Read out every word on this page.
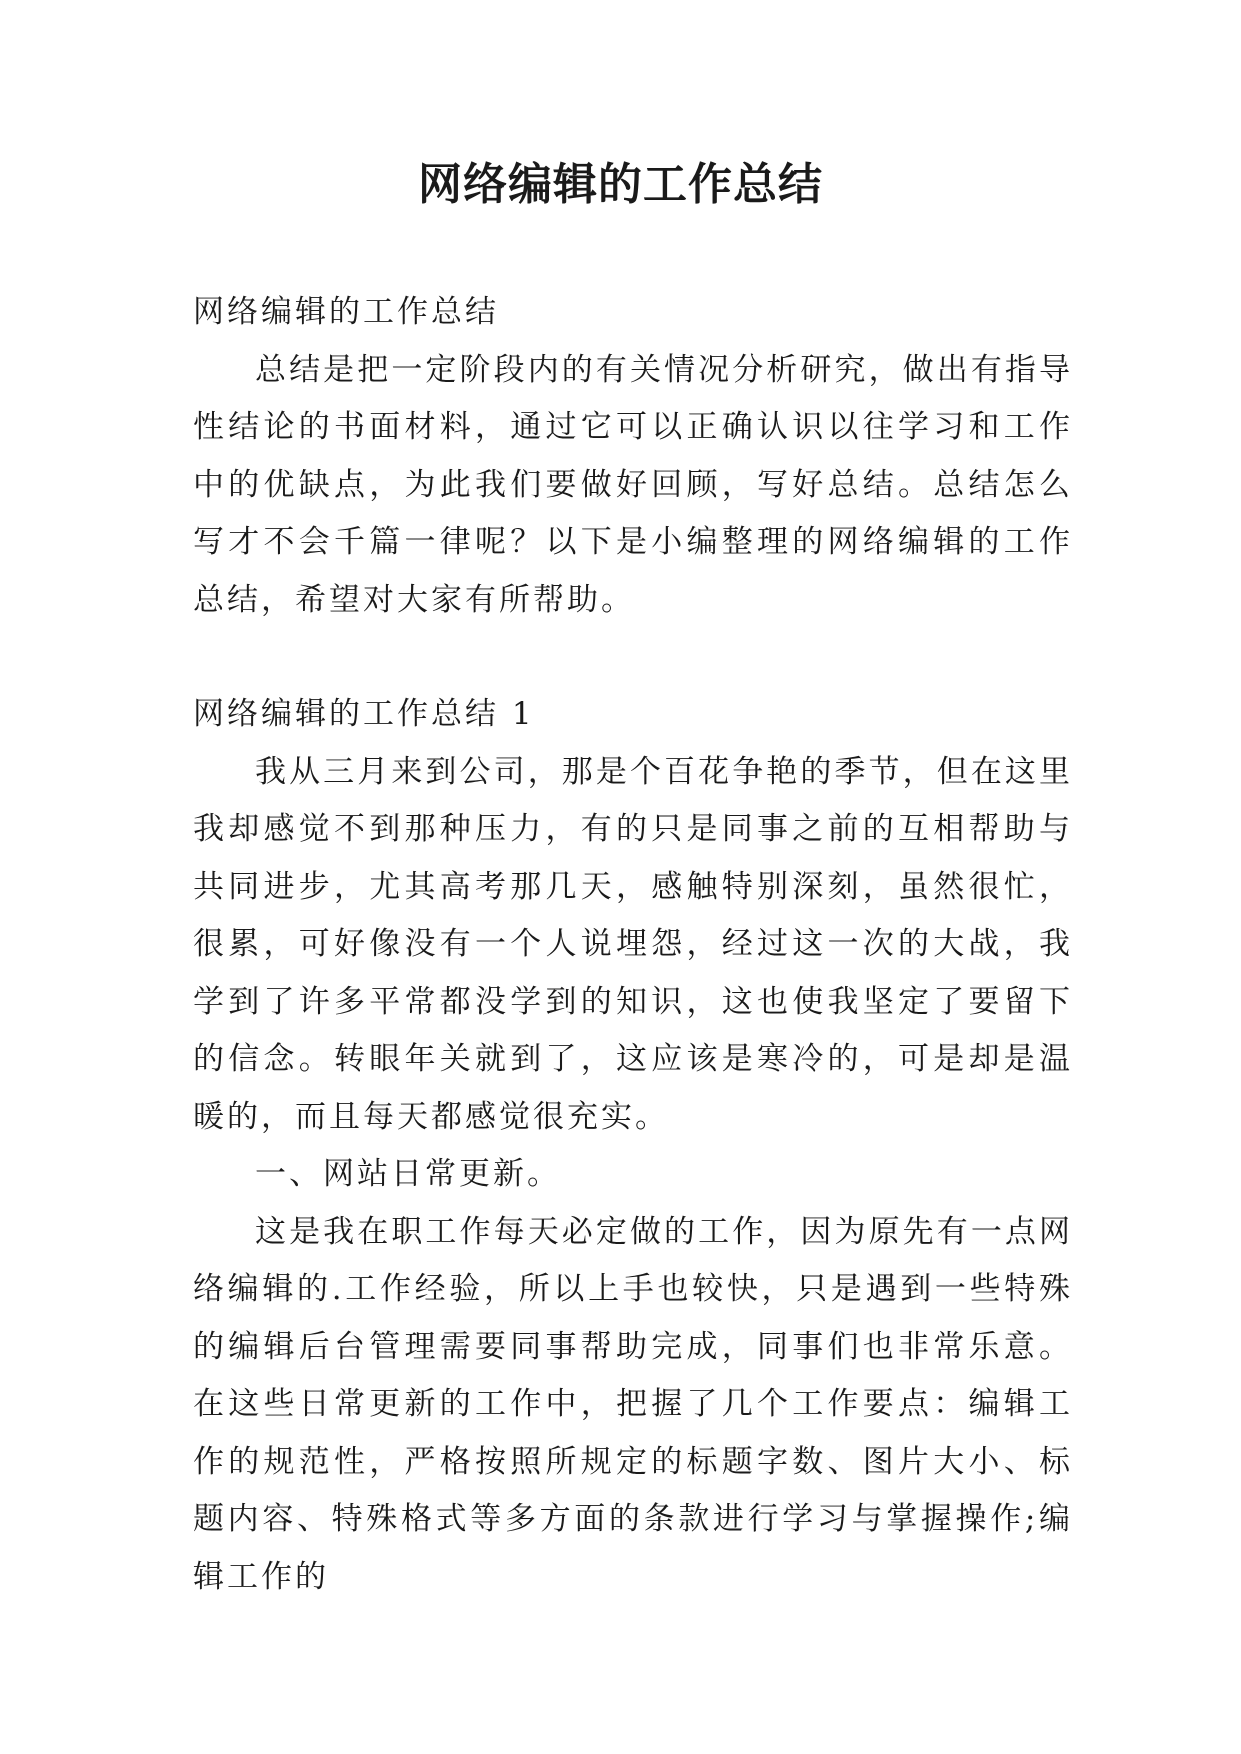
网络编辑的工作总结

网络编辑的工作总结

总结是把一定阶段内的有关情况分析研究，做出有指导性结论的书面材料，通过它可以正确认识以往学习和工作中的优缺点，为此我们要做好回顾，写好总结。总结怎么写才不会千篇一律呢？以下是小编整理的网络编辑的工作总结，希望对大家有所帮助。

网络编辑的工作总结 1

我从三月来到公司，那是个百花争艳的季节，但在这里我却感觉不到那种压力，有的只是同事之前的互相帮助与共同进步，尤其高考那几天，感触特别深刻，虽然很忙，很累，可好像没有一个人说埋怨，经过这一次的大战，我学到了许多平常都没学到的知识，这也使我坚定了要留下的信念。转眼年关就到了，这应该是寒冷的，可是却是温暖的，而且每天都感觉很充实。

一、网站日常更新。

这是我在职工作每天必定做的工作，因为原先有一点网络编辑的.工作经验，所以上手也较快，只是遇到一些特殊的编辑后台管理需要同事帮助完成，同事们也非常乐意。在这些日常更新的工作中，把握了几个工作要点：编辑工作的规范性，严格按照所规定的标题字数、图片大小、标题内容、特殊格式等多方面的条款进行学习与掌握操作;编辑工作的
